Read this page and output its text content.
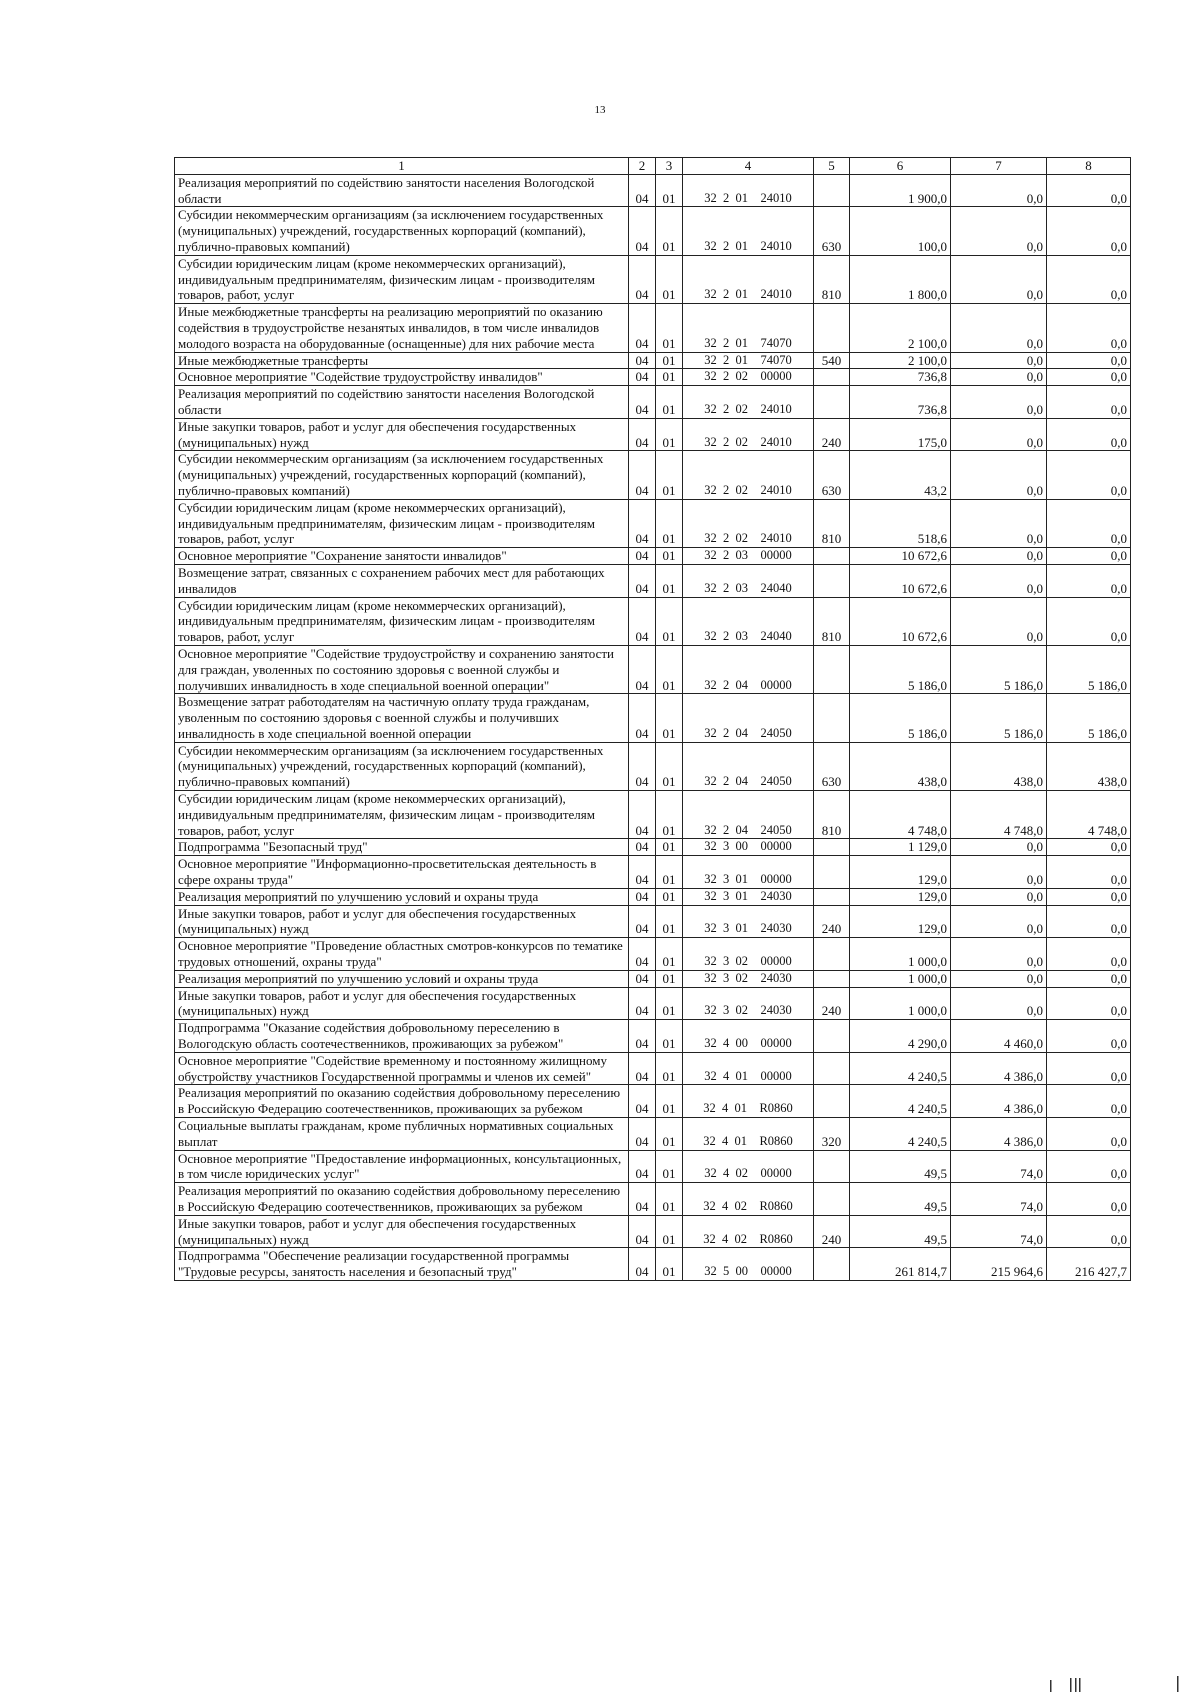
13
1	2	3	4	5	6	7	8
Реализация мероприятий по содействию занятости населения Вологодской области	04	01	32  2  01    24010		1 900,0	0,0	0,0
Субсидии некоммерческим организациям (за исключением государственных (муниципальных) учреждений, государственных корпораций (компаний), публично-правовых компаний)	04	01	32  2  01    24010	630	100,0	0,0	0,0
Субсидии юридическим лицам (кроме некоммерческих организаций), индивидуальным предпринимателям, физическим лицам - производителям товаров, работ, услуг	04	01	32  2  01    24010	810	1 800,0	0,0	0,0
Иные межбюджетные трансферты на реализацию мероприятий по оказанию содействия в трудоустройстве незанятых инвалидов, в том числе инвалидов молодого возраста на оборудованные (оснащенные) для них рабочие места	04	01	32  2  01    74070		2 100,0	0,0	0,0
Иные межбюджетные трансферты	04	01	32  2  01    74070	540	2 100,0	0,0	0,0
Основное мероприятие "Содействие трудоустройству инвалидов"	04	01	32  2  02    00000		736,8	0,0	0,0
Реализация мероприятий по содействию занятости населения Вологодской области	04	01	32  2  02    24010		736,8	0,0	0,0
Иные закупки товаров, работ и услуг для обеспечения государственных (муниципальных) нужд	04	01	32  2  02    24010	240	175,0	0,0	0,0
Субсидии некоммерческим организациям (за исключением государственных (муниципальных) учреждений, государственных корпораций (компаний), публично-правовых компаний)	04	01	32  2  02    24010	630	43,2	0,0	0,0
Субсидии юридическим лицам (кроме некоммерческих организаций), индивидуальным предпринимателям, физическим лицам - производителям товаров, работ, услуг	04	01	32  2  02    24010	810	518,6	0,0	0,0
Основное мероприятие "Сохранение занятости инвалидов"	04	01	32  2  03    00000		10 672,6	0,0	0,0
Возмещение затрат, связанных с сохранением рабочих мест для работающих инвалидов	04	01	32  2  03    24040		10 672,6	0,0	0,0
Субсидии юридическим лицам (кроме некоммерческих организаций), индивидуальным предпринимателям, физическим лицам - производителям товаров, работ, услуг	04	01	32  2  03    24040	810	10 672,6	0,0	0,0
Основное мероприятие "Содействие трудоустройству и сохранению занятости для граждан, уволенных по состоянию здоровья с военной службы и получивших инвалидность в ходе специальной военной операции"	04	01	32  2  04    00000		5 186,0	5 186,0	5 186,0
Возмещение затрат работодателям на частичную оплату труда гражданам, уволенным по состоянию здоровья с военной службы и получивших инвалидность в ходе специальной военной операции	04	01	32  2  04    24050		5 186,0	5 186,0	5 186,0
Субсидии некоммерческим организациям (за исключением государственных (муниципальных) учреждений, государственных корпораций (компаний), публично-правовых компаний)	04	01	32  2  04    24050	630	438,0	438,0	438,0
Субсидии юридическим лицам (кроме некоммерческих организаций), индивидуальным предпринимателям, физическим лицам - производителям товаров, работ, услуг	04	01	32  2  04    24050	810	4 748,0	4 748,0	4 748,0
Подпрограмма "Безопасный труд"	04	01	32  3  00    00000		1 129,0	0,0	0,0
Основное мероприятие "Информационно-просветительская деятельность в сфере охраны труда"	04	01	32  3  01    00000		129,0	0,0	0,0
Реализация мероприятий по улучшению условий и охраны труда	04	01	32  3  01    24030		129,0	0,0	0,0
Иные закупки товаров, работ и услуг для обеспечения государственных (муниципальных) нужд	04	01	32  3  01    24030	240	129,0	0,0	0,0
Основное мероприятие "Проведение областных смотров-конкурсов по тематике трудовых отношений, охраны труда"	04	01	32  3  02    00000		1 000,0	0,0	0,0
Реализация мероприятий по улучшению условий и охраны труда	04	01	32  3  02    24030		1 000,0	0,0	0,0
Иные закупки товаров, работ и услуг для обеспечения государственных (муниципальных) нужд	04	01	32  3  02    24030	240	1 000,0	0,0	0,0
Подпрограмма "Оказание содействия добровольному переселению в Вологодскую область соотечественников, проживающих за рубежом"	04	01	32  4  00    00000		4 290,0	4 460,0	0,0
Основное мероприятие "Содействие временному и постоянному жилищному обустройству участников Государственной программы и членов их семей"	04	01	32  4  01    00000		4 240,5	4 386,0	0,0
Реализация мероприятий по оказанию содействия добровольному переселению в Российскую Федерацию соотечественников, проживающих за рубежом	04	01	32  4  01    R0860		4 240,5	4 386,0	0,0
Социальные выплаты гражданам, кроме публичных нормативных социальных выплат	04	01	32  4  01    R0860	320	4 240,5	4 386,0	0,0
Основное мероприятие "Предоставление информационных, консультационных, в том числе юридических услуг"	04	01	32  4  02    00000		49,5	74,0	0,0
Реализация мероприятий по оказанию содействия добровольному переселению в Российскую Федерацию соотечественников, проживающих за рубежом	04	01	32  4  02    R0860		49,5	74,0	0,0
Иные закупки товаров, работ и услуг для обеспечения государственных (муниципальных) нужд	04	01	32  4  02    R0860	240	49,5	74,0	0,0
Подпрограмма "Обеспечение реализации государственной программы "Трудовые ресурсы, занятость населения и безопасный труд"	04	01	32  5  00    00000		261 814,7	215 964,6	216 427,7
